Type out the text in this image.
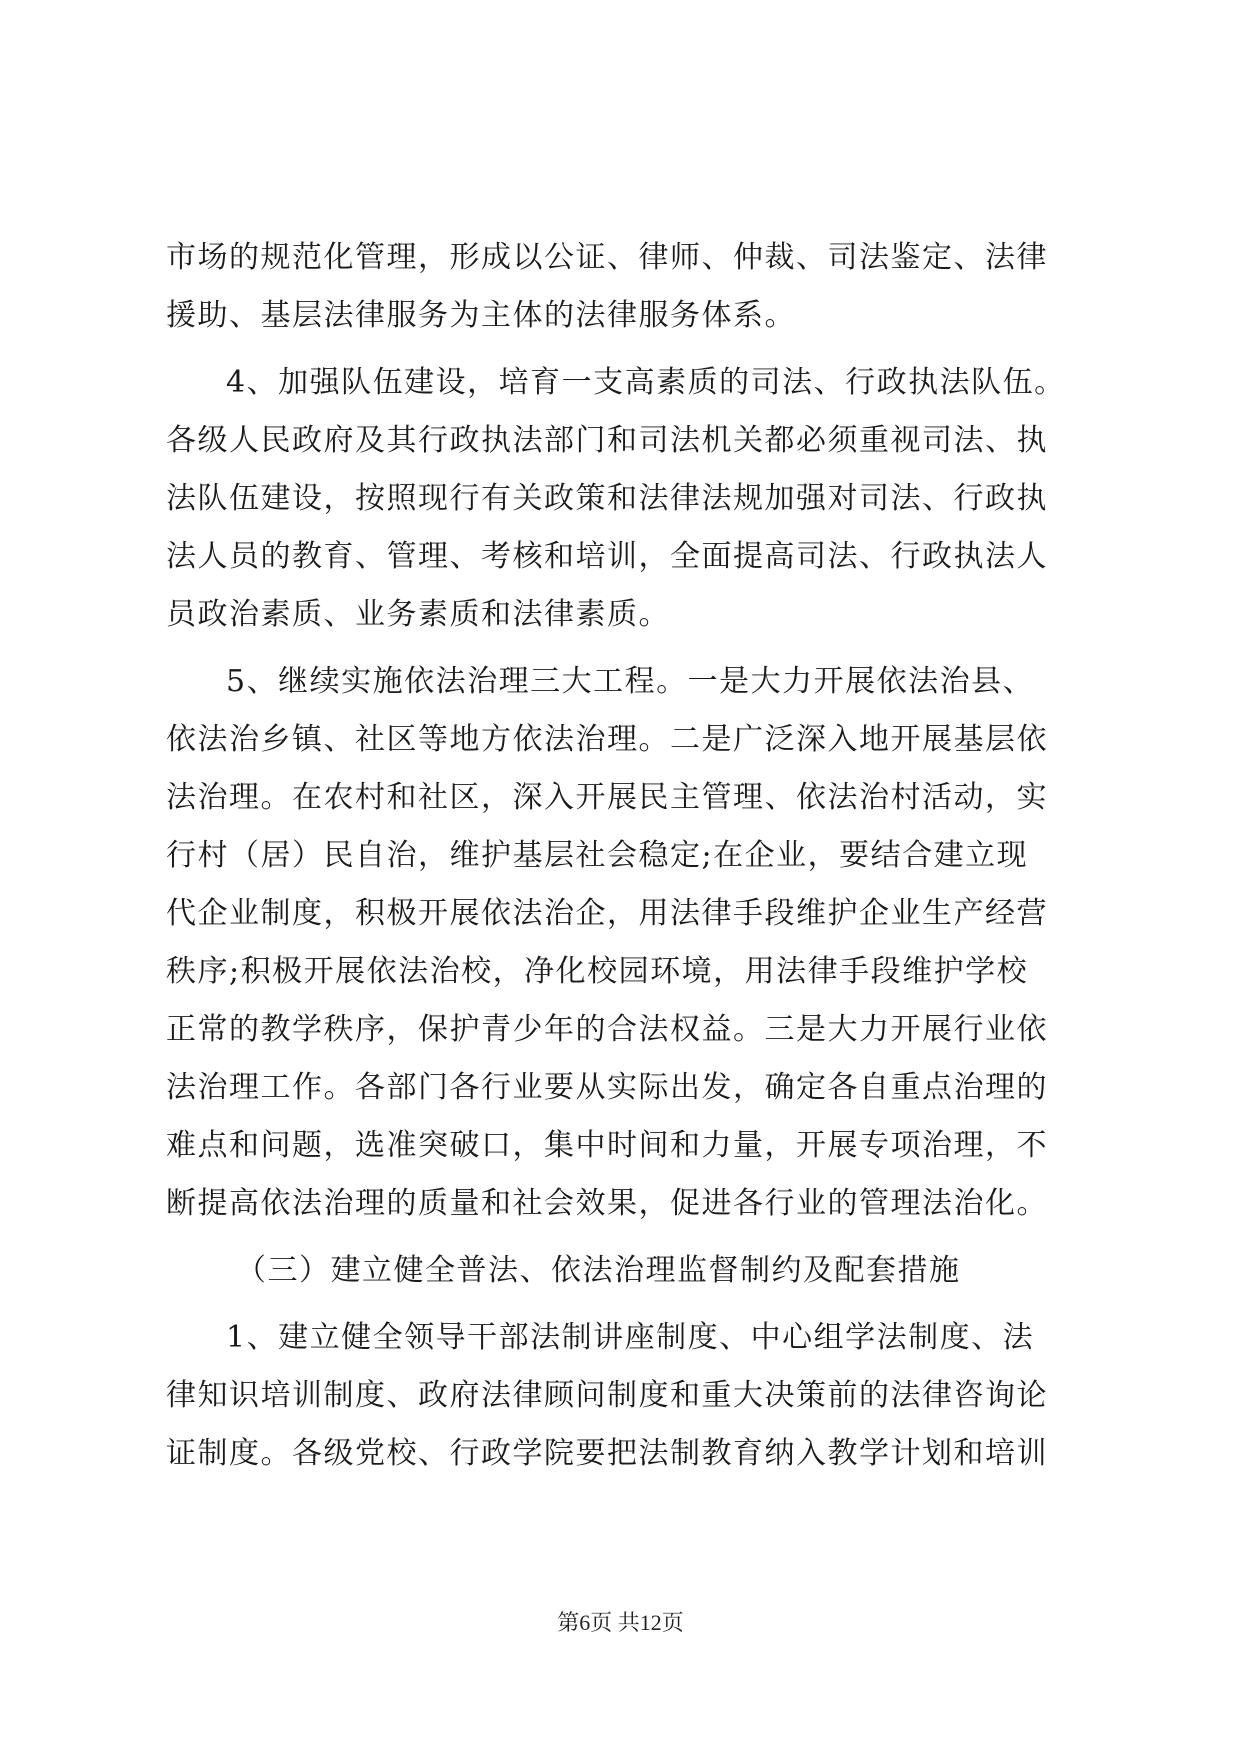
市场的规范化管理，形成以公证、律师、仲裁、司法鉴定、法律
援助、基层法律服务为主体的法律服务体系。
4、加强队伍建设，培育一支高素质的司法、行政执法队伍。
各级人民政府及其行政执法部门和司法机关都必须重视司法、执
法队伍建设，按照现行有关政策和法律法规加强对司法、行政执
法人员的教育、管理、考核和培训，全面提高司法、行政执法人
员政治素质、业务素质和法律素质。
5、继续实施依法治理三大工程。一是大力开展依法治县、
依法治乡镇、社区等地方依法治理。二是广泛深入地开展基层依
法治理。在农村和社区，深入开展民主管理、依法治村活动，实
行村（居）民自治，维护基层社会稳定;在企业，要结合建立现
代企业制度，积极开展依法治企，用法律手段维护企业生产经营
秩序;积极开展依法治校，净化校园环境，用法律手段维护学校
正常的教学秩序，保护青少年的合法权益。三是大力开展行业依
法治理工作。各部门各行业要从实际出发，确定各自重点治理的
难点和问题，选准突破口，集中时间和力量，开展专项治理，不
断提高依法治理的质量和社会效果，促进各行业的管理法治化。
（三）建立健全普法、依法治理监督制约及配套措施
1、建立健全领导干部法制讲座制度、中心组学法制度、法
律知识培训制度、政府法律顾问制度和重大决策前的法律咨询论
证制度。各级党校、行政学院要把法制教育纳入教学计划和培训
第6页 共12页
